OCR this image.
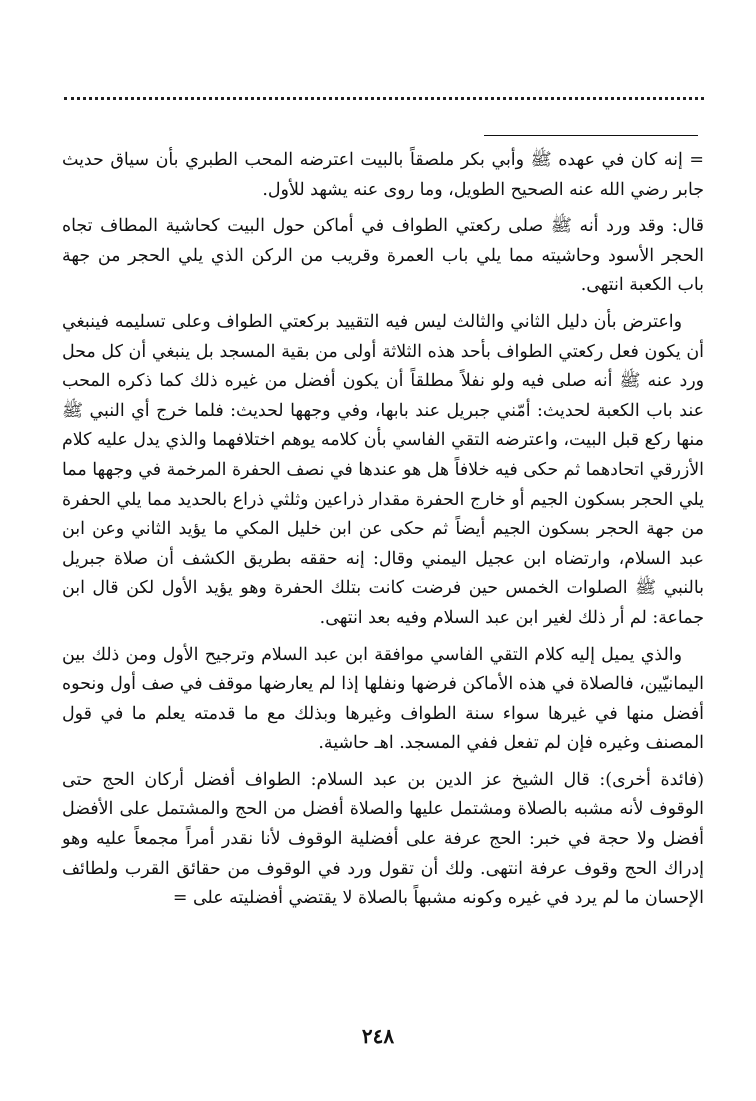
= إنه كان في عهده ﷺ وأبي بكر ملصقاً بالبيت اعترضه المحب الطبري بأن سياق حديث جابر رضي الله عنه الصحيح الطويل، وما روى عنه يشهد للأول.

قال: وقد ورد أنه ﷺ صلى ركعتي الطواف في أماكن حول البيت كحاشية المطاف تجاه الحجر الأسود وحاشيته مما يلي باب العمرة وقريب من الركن الذي يلي الحجر من جهة باب الكعبة انتهى.

واعترض بأن دليل الثاني والثالث ليس فيه التقييد بركعتي الطواف وعلى تسليمه فينبغي أن يكون فعل ركعتي الطواف بأحد هذه الثلاثة أولى من بقية المسجد بل ينبغي أن كل محل ورد عنه ﷺ أنه صلى فيه ولو نفلاً مطلقاً أن يكون أفضل من غيره ذلك كما ذكره المحب عند باب الكعبة لحديث: أمّني جبريل عند بابها، وفي وجهها لحديث: فلما خرج أي النبي ﷺ منها ركع قبل البيت، واعترضه التقي الفاسي بأن كلامه يوهم اختلافهما والذي يدل عليه كلام الأزرقي اتحادهما ثم حكى فيه خلافاً هل هو عندها في نصف الحفرة المرخمة في وجهها مما يلي الحجر بسكون الجيم أو خارج الحفرة مقدار ذراعين وثلثي ذراع بالحديد مما يلي الحفرة من جهة الحجر بسكون الجيم أيضاً ثم حكى عن ابن خليل المكي ما يؤيد الثاني وعن ابن عبد السلام، وارتضاه ابن عجيل اليمني وقال: إنه حققه بطريق الكشف أن صلاة جبريل بالنبي ﷺ الصلوات الخمس حين فرضت كانت بتلك الحفرة وهو يؤيد الأول لكن قال ابن جماعة: لم أر ذلك لغير ابن عبد السلام وفيه بعد انتهى.

والذي يميل إليه كلام التقي الفاسي موافقة ابن عبد السلام وترجيح الأول ومن ذلك بين اليمانيّين، فالصلاة في هذه الأماكن فرضها ونفلها إذا لم يعارضها موقف في صف أول ونحوه أفضل منها في غيرها سواء سنة الطواف وغيرها وبذلك مع ما قدمته يعلم ما في قول المصنف وغيره فإن لم تفعل ففي المسجد. اهـ حاشية.

(فائدة أخرى): قال الشيخ عز الدين بن عبد السلام: الطواف أفضل أركان الحج حتى الوقوف لأنه مشبه بالصلاة ومشتمل عليها والصلاة أفضل من الحج والمشتمل على الأفضل أفضل ولا حجة في خبر: الحج عرفة على أفضلية الوقوف لأنا نقدر أمراً مجمعاً عليه وهو إدراك الحج وقوف عرفة انتهى. ولك أن تقول ورد في الوقوف من حقائق القرب ولطائف الإحسان ما لم يرد في غيره وكونه مشبهاً بالصلاة لا يقتضي أفضليته على =

٢٤٨
